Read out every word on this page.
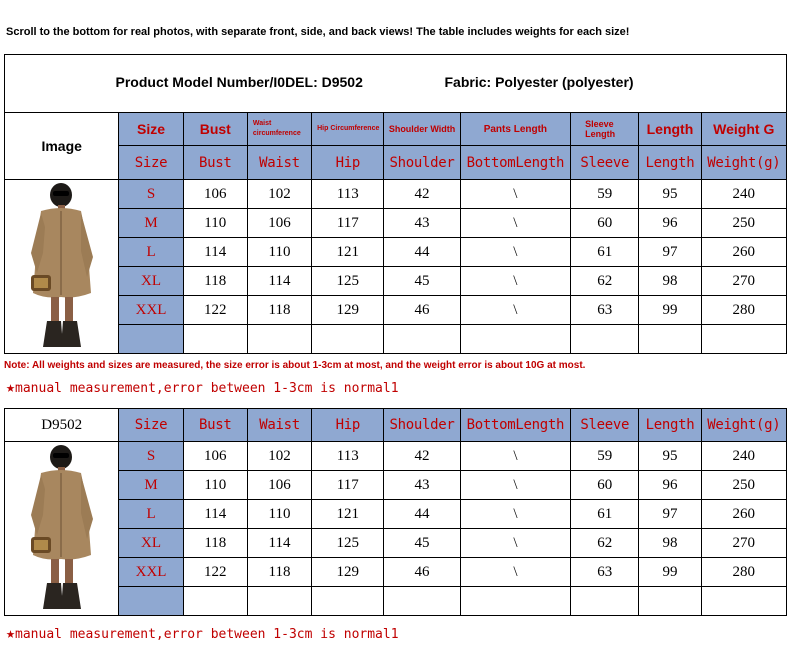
Scroll to the bottom for real photos, with separate front, side, and back views! The table includes weights for each size!
Product Model Number/I0DEL: D9502 Fabric: Polyester (polyester)									

Image	Size	Bust	Waist circumference	Hip Circumference	Shoulder Width	Pants Length	Sleeve Length	Length	Weight G
	Size	Bust	Waist	Hip	Shoulder	BottomLength	Sleeve	Length	Weight(g)

	S	106	102	113	42	\	59	95	240
	M	110	106	117	43	\	60	96	250
	L	114	110	121	44	\	61	97	260
	XL	118	114	125	45	\	62	98	270
	XXL	122	118	129	46	\	63	99	280

Note: All weights and sizes are measured, the size error is about 1-3cm at most, and the weight error is about 10G at most.
★manual measurement,error between 1-3cm is normal1
D9502	Size	Bust	Waist	Hip	Shoulder	BottomLength	Sleeve	Length	Weight(g)

	S	106	102	113	42	\	59	95	240
	M	110	106	117	43	\	60	96	250
	L	114	110	121	44	\	61	97	260
	XL	118	114	125	45	\	62	98	270
	XXL	122	118	129	46	\	63	99	280

★manual measurement,error between 1-3cm is normal1
